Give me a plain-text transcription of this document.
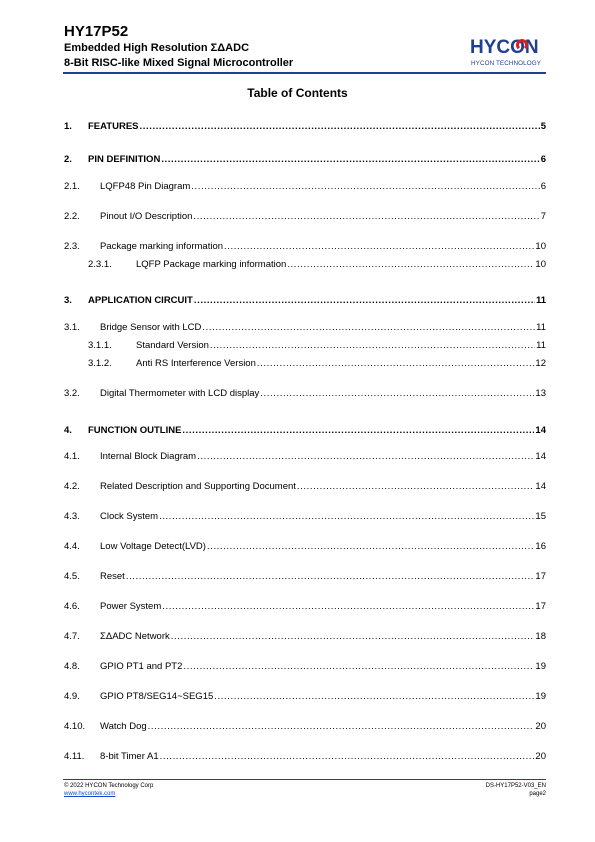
HY17P52
Embedded High Resolution ΣΔADC
8-Bit RISC-like Mixed Signal Microcontroller
HYCON
HYCON TECHNOLOGY
Table of Contents
1.	FEATURES .....	5
2.	PIN DEFINITION .....	6
2.1.	LQFP48 Pin Diagram .....	6
2.2.	Pinout I/O Description .....	7
2.3.	Package marking information .....	10
2.3.1.	LQFP Package marking information .....	10
3.	APPLICATION CIRCUIT .....	11
3.1.	Bridge Sensor with LCD .....	11
3.1.1.	Standard Version .....	11
3.1.2.	Anti RS Interference Version .....	12
3.2.	Digital Thermometer with LCD display .....	13
4.	FUNCTION OUTLINE .....	14
4.1.	Internal Block Diagram .....	14
4.2.	Related Description and Supporting Document .....	14
4.3.	Clock System .....	15
4.4.	Low Voltage Detect(LVD) .....	16
4.5.	Reset .....	17
4.6.	Power System .....	17
4.7.	ΣΔADC Network .....	18
4.8.	GPIO PT1 and PT2 .....	19
4.9.	GPIO PT8/SEG14~SEG15 .....	19
4.10.	Watch Dog .....	20
4.11.	8-bit Timer A1 .....	20
© 2022 HYCON Technology Corp
www.hycontek.com
DS-HY17P52-V03_EN
page2
